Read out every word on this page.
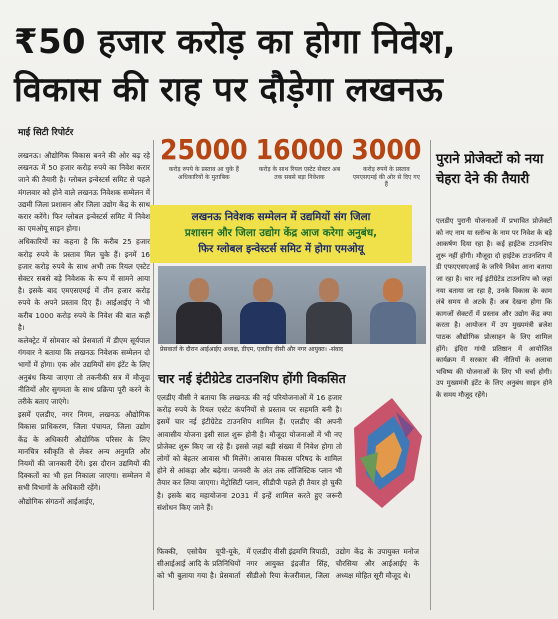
₹50 हजार करोड़ का होगा निवेश,
विकास की राह पर दौड़ेगा लखनऊ
माई सिटी रिपोर्टर

लखनऊ। औद्योगिक विकास बनने की ओर बढ़ रहे लखनऊ में 50 हजार करोड़ रुपये का निवेश करार जाने की तैयारी है। ग्लोबल इन्वेस्टर्स समिट से पहले मंगलवार को होने वाले लखनऊ निवेशक सम्मेलन में उद्यमी जिला प्रशासन और जिला उद्योग केंद्र के साथ करार करेंगे। फिर ग्लोबल इन्वेस्टर्स समिट में निवेश का एमओयू साइन होगा।

अधिकारियों का कहना है कि करीब 25 हजार करोड़ रुपये के प्रस्ताव मिल चुके हैं। इनमें 16 हजार करोड़ रुपये के साथ अभी तक रियल एस्टेट सेक्टर सबसे बड़े निवेशक के रूप में सामने आया है। इसके बाद एमएसएमई में तीन हजार करोड़ रुपये के अपने प्रस्ताव दिए हैं। आईआईए ने भी करीब 1000 करोड़ रुपये के निवेश की बात कही है।

कलेक्ट्रेट में सोमवार को प्रेसवार्ता में डीएम सूर्यपाल गंगवार ने बताया कि लखनऊ निवेशक सम्मेलन दो भागों में होगा। एक ओर उद्यमियों संग इंटेंट के लिए अनुबंध किया जाएगा तो तकनीकी सत्र में मौजूदा नीतियों और सुगमता के साथ प्रक्रिया पूरी करने के तरीके बताए जाएंगे।

इसमें एलडीए, नगर निगम, लखनऊ औद्योगिक विकास प्राधिकरण, जिला पंचायत, जिला उद्योग केंद्र के अधिकारी औद्योगिक परिसर के लिए मानचित्र स्वीकृति से लेकर अन्य अनुमति और नियमों की जानकारी देंगे। इस दौरान उद्यमियों की दिक्कतों का भी हल निकाला जाएगा। सम्मेलन में सभी विभागों के अधिकारी रहेंगे।

औद्योगिक संगठनों आईआईए,

25000
करोड़ रुपये के प्रस्ताव आ चुके हैं अधिकारियों के मुताबिक
16000
करोड़ के साथ रियल एस्टेट सेक्टर अब तक सबसे बड़ा निवेशक
3000
करोड़ रुपये के प्रस्ताव एमएसएमई की ओर से दिए गए हैं
लखनऊ निवेशक सम्मेलन में उद्यमियों संग जिला
प्रशासन और जिला उद्योग केंद्र आज करेगा अनुबंध,
फिर ग्लोबल इन्वेस्टर्स समिट में होगा एमओयू
प्रेसवार्ता के दौरान आईआईए अध्यक्ष, डीएम, एलडीए वीसी और नगर आयुक्त। -संवाद
चार नई इंटीग्रेटेड टाउनशिप होंगी विकसित
एलडीए वीसी ने बताया कि लखनऊ की नई परियोजनाओं में 16 हजार करोड़ रुपये के रियल एस्टेट कंपनियों से प्रस्ताव पर सहमति बनी है। इसमें चार नई इंटीग्रेटेड टाउनशिप शामिल हैं। एलडीए की अपनी आवासीय योजना इसी साल शुरू होनी है। मौजूदा योजनाओं में भी नए प्रोजेक्ट शुरू किए जा रहे हैं। इससे जहां बड़ी संख्या में निवेश होगा तो लोगों को बेहतर आवास भी मिलेंगे। आवास विकास परिषद के शामिल होने से आंकड़ा और बढ़ेगा। जनवरी के अंत तक लॉजिस्टिक प्लान भी तैयार कर लिया जाएगा। मेट्रोसिटी प्लान, सीडीपी पहले ही तैयार हो चुकी है। इसके बाद महायोजना 2031 में इन्हें शामिल करते हुए जरूरी संशोधन किए जाने हैं।
फिक्की, एसोचैम यूपी-यूके, सीआईआई आदि के प्रतिनिधियों को भी बुलाया गया है। प्रेसवार्ता में एलडीए वीसी इंद्रमणि त्रिपाठी, नगर आयुक्त इंद्रजीत सिंह, सीडीओ रिया केजरीवाल, जिला उद्योग केंद्र के उपायुक्त मनोज चौरसिया और आईआईए के अध्यक्ष मोहित सूरी मौजूद थे।
पुराने प्रोजेक्टों को नया चेहरा देने की तैयारी
एलडीए पुरानी योजनाओं में प्रभावित प्रोजेक्टों को नए नाम या स्लॉन्च के नाम पर निवेश के बड़े आकर्षण दिया रहा है। कई हाईटेक टाउनशिप शुरू नहीं होंगी। मौजूदा दो हाईटेक टाउनशिप में डी एफएएसएआई के जरिये निवेश आना बताया जा रहा है। चार नई इंटीग्रेटेड टाउनशिप को जहां नया बताया जा रहा है, उनके विकास के काम लंबे समय से अटके हैं। अब देखना होगा कि कागजों सेक्टरों में प्रस्ताव और उद्योग केंद्र क्या करता है। आयोजन में उप मुख्यमंत्री ब्रजेश पाठक औद्योगिक प्रोत्साहन के लिए शामिल होंगे। इंदिरा गांधी प्रतिष्ठान में आयोजित कार्यक्रम में सरकार की नीतियों के अलावा भविष्य की योजनाओं के लिए भी चर्चा होगी। उप मुख्यमंत्री इंटेंट के लिए अनुबंध साइन होने के समय मौजूद रहेंगे।
